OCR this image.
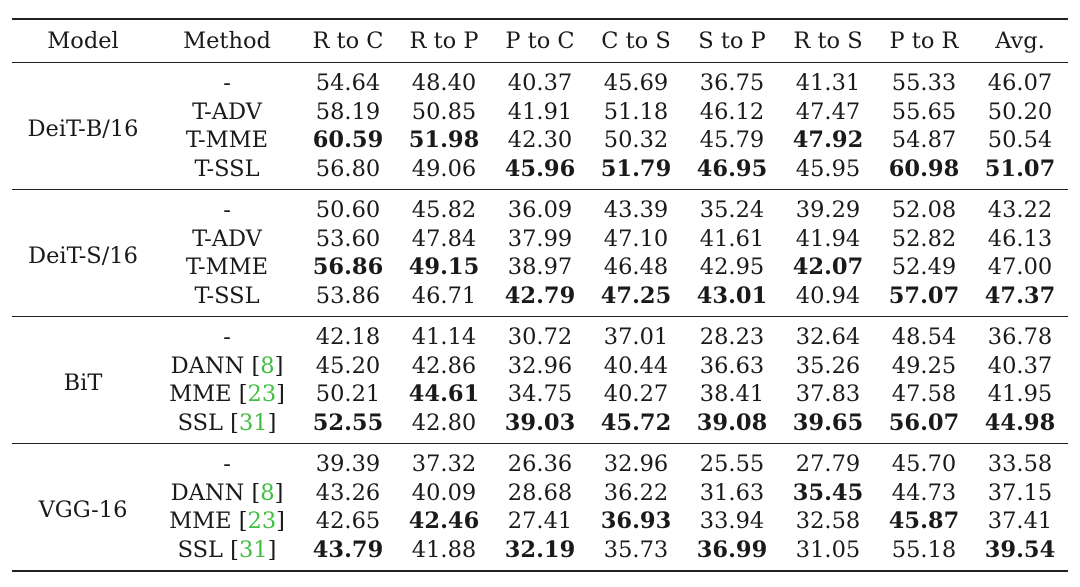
Model	Method	R to C	R to P	P to C	C to S	S to P	R to S	P to R	Avg.
DeiT-B/16	-	54.64	48.40	40.37	45.69	36.75	41.31	55.33	46.07
	T-ADV	58.19	50.85	41.91	51.18	46.12	47.47	55.65	50.20
	T-MME	60.59	51.98	42.30	50.32	45.79	47.92	54.87	50.54
	T-SSL	56.80	49.06	45.96	51.79	46.95	45.95	60.98	51.07
DeiT-S/16	-	50.60	45.82	36.09	43.39	35.24	39.29	52.08	43.22
	T-ADV	53.60	47.84	37.99	47.10	41.61	41.94	52.82	46.13
	T-MME	56.86	49.15	38.97	46.48	42.95	42.07	52.49	47.00
	T-SSL	53.86	46.71	42.79	47.25	43.01	40.94	57.07	47.37
BiT	-	42.18	41.14	30.72	37.01	28.23	32.64	48.54	36.78
	DANN [8]	45.20	42.86	32.96	40.44	36.63	35.26	49.25	40.37
	MME [23]	50.21	44.61	34.75	40.27	38.41	37.83	47.58	41.95
	SSL [31]	52.55	42.80	39.03	45.72	39.08	39.65	56.07	44.98
VGG-16	-	39.39	37.32	26.36	32.96	25.55	27.79	45.70	33.58
	DANN [8]	43.26	40.09	28.68	36.22	31.63	35.45	44.73	37.15
	MME [23]	42.65	42.46	27.41	36.93	33.94	32.58	45.87	37.41
	SSL [31]	43.79	41.88	32.19	35.73	36.99	31.05	55.18	39.54
